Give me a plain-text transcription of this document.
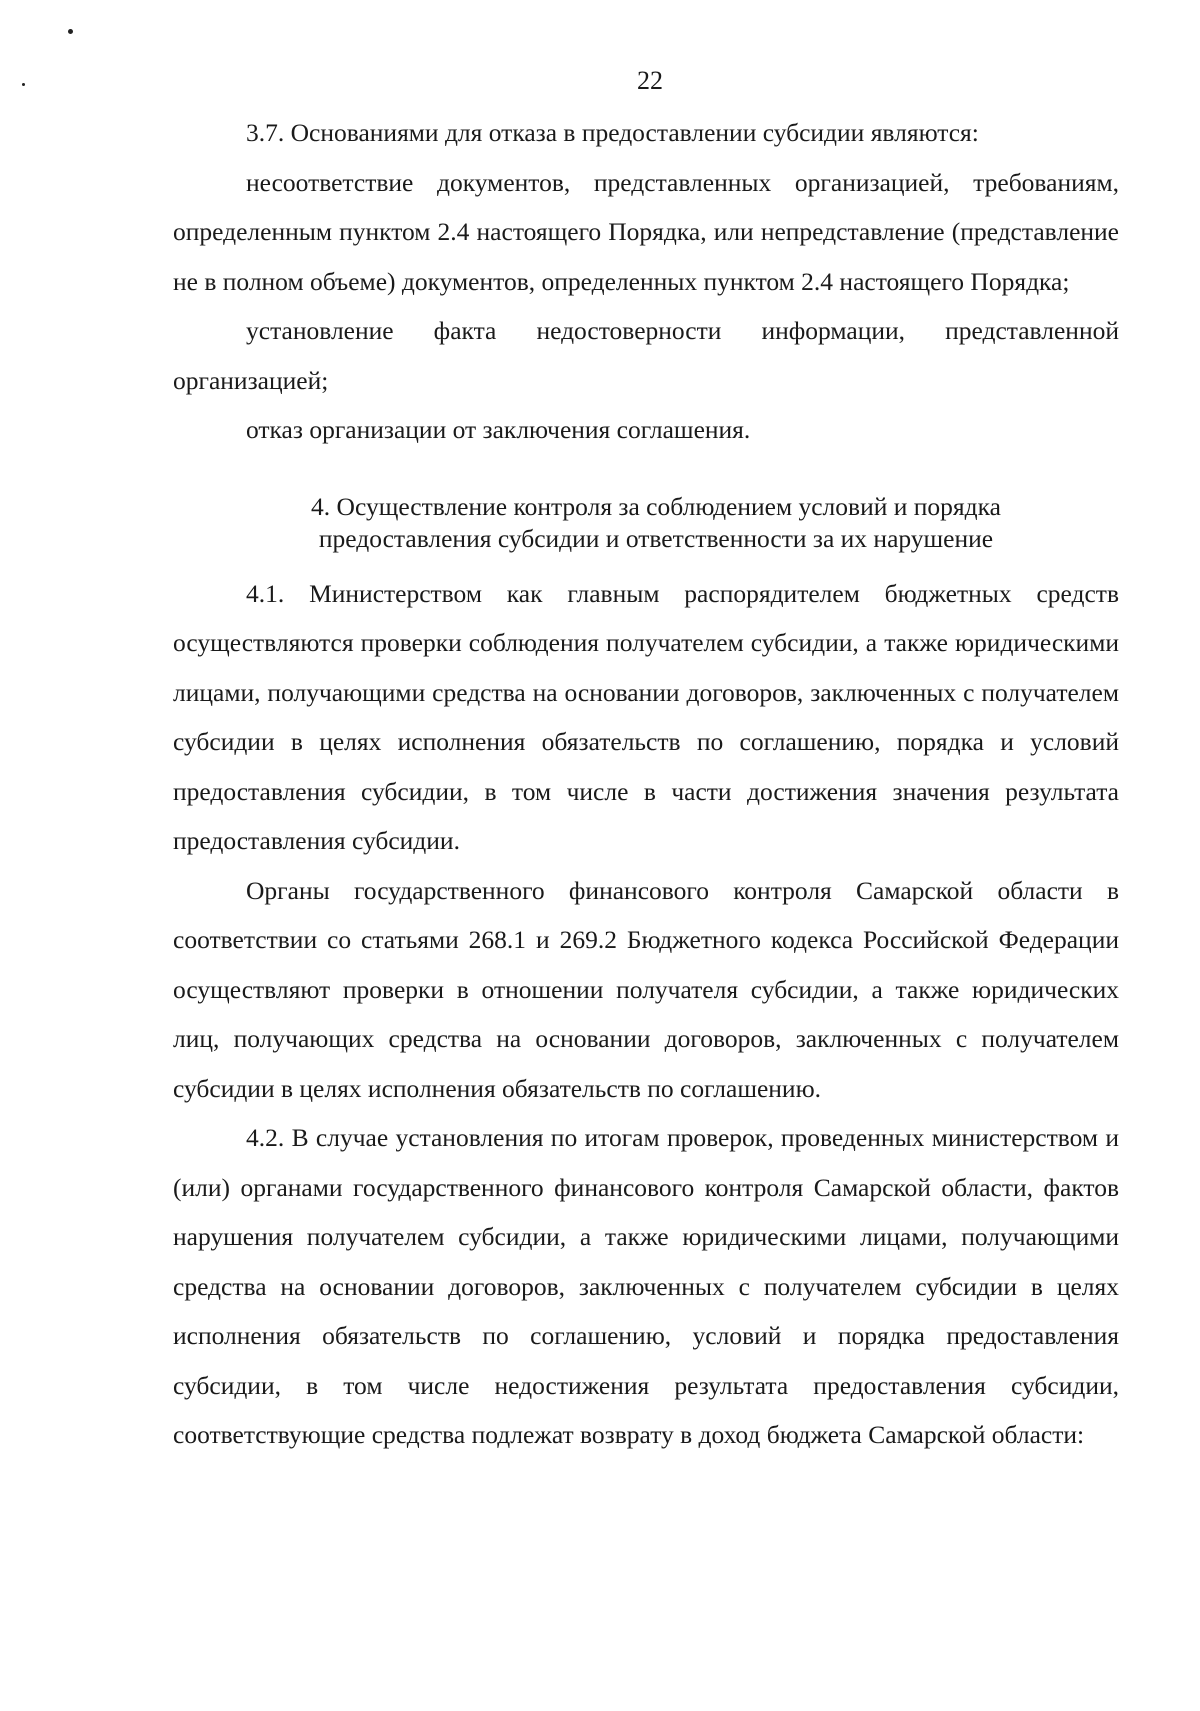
22

3.7. Основаниями для отказа в предоставлении субсидии являются:

несоответствие документов, представленных организацией, требованиям, определенным пунктом 2.4 настоящего Порядка, или непредставление (представление не в полном объеме) документов, определенных пунктом 2.4 настоящего Порядка;

установление факта недостоверности информации, представленной организацией;

отказ организации от заключения соглашения.

4. Осуществление контроля за соблюдением условий и порядка
предоставления субсидии и ответственности за их нарушение

4.1. Министерством как главным распорядителем бюджетных средств осуществляются проверки соблюдения получателем субсидии, а также юридическими лицами, получающими средства на основании договоров, заключенных с получателем субсидии в целях исполнения обязательств по соглашению, порядка и условий предоставления субсидии, в том числе в части достижения значения результата предоставления субсидии.

Органы государственного финансового контроля Самарской области в соответствии со статьями 268.1 и 269.2 Бюджетного кодекса Российской Федерации осуществляют проверки в отношении получателя субсидии, а также юридических лиц, получающих средства на основании договоров, заключенных с получателем субсидии в целях исполнения обязательств по соглашению.

4.2. В случае установления по итогам проверок, проведенных министерством и (или) органами государственного финансового контроля Самарской области, фактов нарушения получателем субсидии, а также юридическими лицами, получающими средства на основании договоров, заключенных с получателем субсидии в целях исполнения обязательств по соглашению, условий и порядка предоставления субсидии, в том числе недостижения результата предоставления субсидии, соответствующие средства подлежат возврату в доход бюджета Самарской области:
